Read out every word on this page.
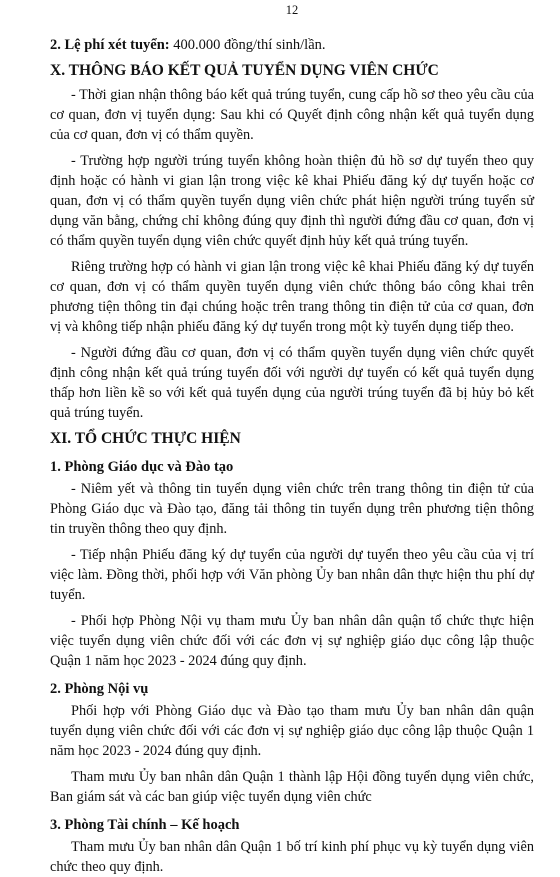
12
2. Lệ phí xét tuyển: 400.000 đồng/thí sinh/lần.
X. THÔNG BÁO KẾT QUẢ TUYỂN DỤNG VIÊN CHỨC

- Thời gian nhận thông báo kết quả trúng tuyển, cung cấp hồ sơ theo yêu cầu của cơ quan, đơn vị tuyển dụng: Sau khi có Quyết định công nhận kết quả tuyển dụng của cơ quan, đơn vị có thẩm quyền.

- Trường hợp người trúng tuyển không hoàn thiện đủ hồ sơ dự tuyển theo quy định hoặc có hành vi gian lận trong việc kê khai Phiếu đăng ký dự tuyển hoặc cơ quan, đơn vị có thẩm quyền tuyển dụng viên chức phát hiện người trúng tuyển sử dụng văn bằng, chứng chỉ không đúng quy định thì người đứng đầu cơ quan, đơn vị có thẩm quyền tuyển dụng viên chức quyết định hủy kết quả trúng tuyển.

Riêng trường hợp có hành vi gian lận trong việc kê khai Phiếu đăng ký dự tuyển cơ quan, đơn vị có thẩm quyền tuyển dụng viên chức thông báo công khai trên phương tiện thông tin đại chúng hoặc trên trang thông tin điện tử của cơ quan, đơn vị và không tiếp nhận phiếu đăng ký dự tuyển trong một kỳ tuyển dụng tiếp theo.

- Người đứng đầu cơ quan, đơn vị có thẩm quyền tuyển dụng viên chức quyết định công nhận kết quả trúng tuyển đối với người dự tuyển có kết quả tuyển dụng thấp hơn liền kề so với kết quả tuyển dụng của người trúng tuyển đã bị hủy bỏ kết quả trúng tuyển.

XI. TỔ CHỨC THỰC HIỆN
1. Phòng Giáo dục và Đào tạo

- Niêm yết và thông tin tuyển dụng viên chức trên trang thông tin điện tử của Phòng Giáo dục và Đào tạo, đăng tải thông tin tuyển dụng trên phương tiện thông tin truyền thông theo quy định.

- Tiếp nhận Phiếu đăng ký dự tuyển của người dự tuyển theo yêu cầu của vị trí việc làm. Đồng thời, phối hợp với Văn phòng Ủy ban nhân dân thực hiện thu phí dự tuyển.

- Phối hợp Phòng Nội vụ tham mưu Ủy ban nhân dân quận tổ chức thực hiện việc tuyển dụng viên chức đối với các đơn vị sự nghiệp giáo dục công lập thuộc Quận 1 năm học 2023 - 2024 đúng quy định.

2. Phòng Nội vụ

Phối hợp với Phòng Giáo dục và Đào tạo tham mưu Ủy ban nhân dân quận tuyển dụng viên chức đối với các đơn vị sự nghiệp giáo dục công lập thuộc Quận 1 năm học 2023 - 2024 đúng quy định.

Tham mưu Ủy ban nhân dân Quận 1 thành lập Hội đồng tuyển dụng viên chức, Ban giám sát và các ban giúp việc tuyển dụng viên chức

3. Phòng Tài chính – Kế hoạch

Tham mưu Ủy ban nhân dân Quận 1 bố trí kinh phí phục vụ kỳ tuyển dụng viên chức theo quy định.
